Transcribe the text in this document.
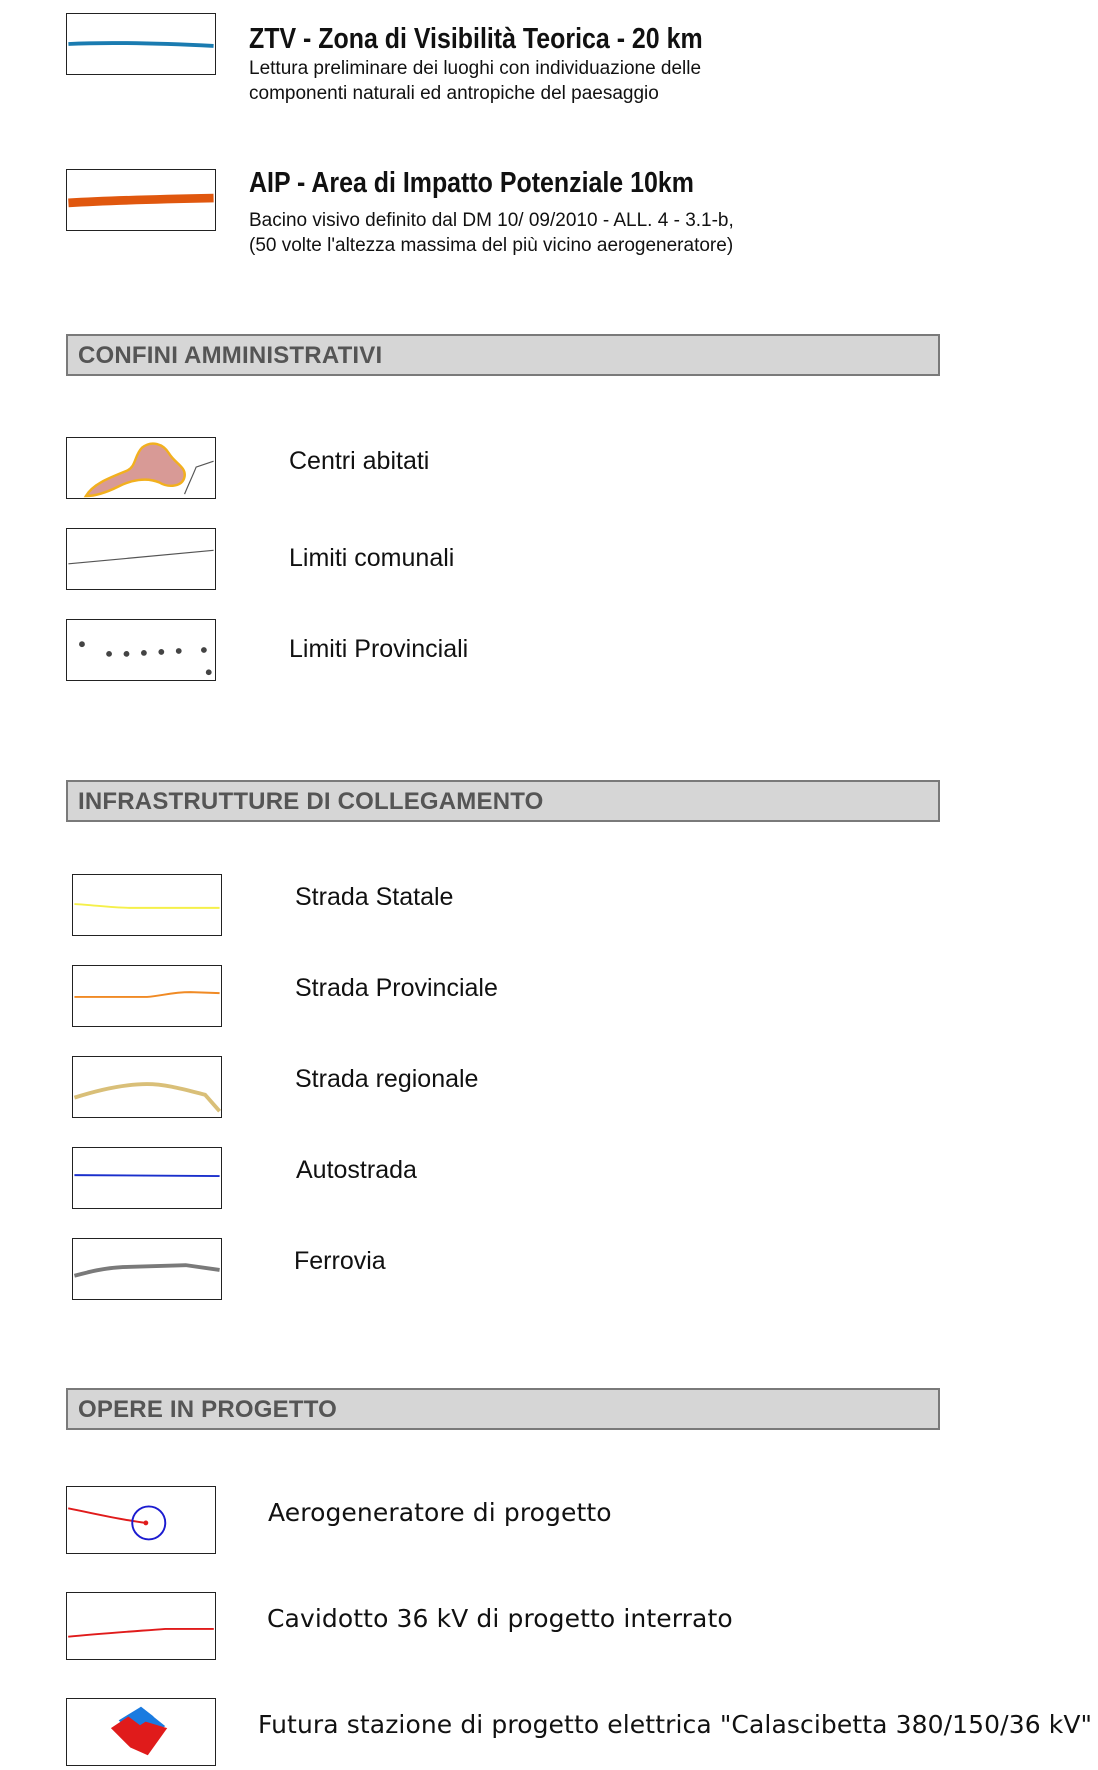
ZTV - Zona di Visibilità Teorica - 20 km
Lettura preliminare dei luoghi con individuazione delle
componenti naturali ed antropiche del paesaggio
AIP - Area di Impatto Potenziale 10km
Bacino visivo definito dal DM 10/ 09/2010 - ALL. 4 - 3.1-b,
(50 volte l'altezza massima del più vicino aerogeneratore)
CONFINI AMMINISTRATIVI
Centri abitati
Limiti comunali
Limiti Provinciali
INFRASTRUTTURE DI COLLEGAMENTO
Strada Statale
Strada Provinciale
Strada regionale
Autostrada
Ferrovia
OPERE IN PROGETTO
Aerogeneratore di progetto
Cavidotto 36 kV di progetto interrato
Futura stazione di progetto elettrica "Calascibetta 380/150/36 kV"
